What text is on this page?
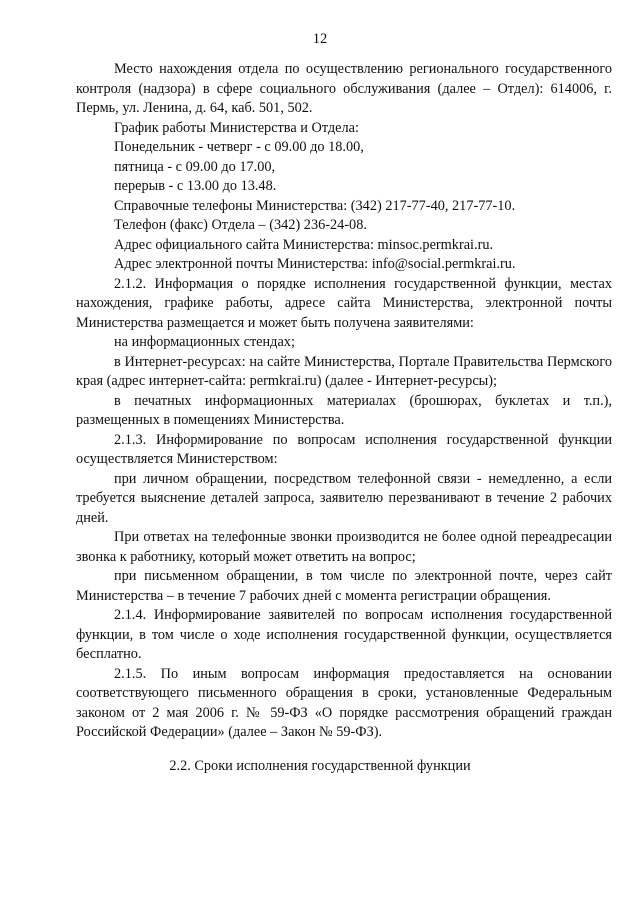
12

Место нахождения отдела по осуществлению регионального государственного контроля (надзора) в сфере социального обслуживания (далее – Отдел): 614006, г. Пермь, ул. Ленина, д. 64, каб. 501, 502.

График работы Министерства и Отдела:

Понедельник - четверг - с 09.00 до 18.00,

пятница - с 09.00 до 17.00,

перерыв - с 13.00 до 13.48.

Справочные телефоны Министерства: (342) 217-77-40, 217-77-10.

Телефон (факс) Отдела – (342) 236-24-08.

Адрес официального сайта Министерства: minsoc.permkrai.ru.

Адрес электронной почты Министерства: info@social.permkrai.ru.

2.1.2. Информация о порядке исполнения государственной функции, местах нахождения, графике работы, адресе сайта Министерства, электронной почты Министерства размещается и может быть получена заявителями:

на информационных стендах;

в Интернет-ресурсах: на сайте Министерства, Портале Правительства Пермского края (адрес интернет-сайта: permkrai.ru) (далее - Интернет-ресурсы);

в печатных информационных материалах (брошюрах, буклетах и т.п.), размещенных в помещениях Министерства.

2.1.3. Информирование по вопросам исполнения государственной функции осуществляется Министерством:

при личном обращении, посредством телефонной связи - немедленно, а если требуется выяснение деталей запроса, заявителю перезванивают в течение 2 рабочих дней.

При ответах на телефонные звонки производится не более одной переадресации звонка к работнику, который может ответить на вопрос;

при письменном обращении, в том числе по электронной почте, через сайт Министерства – в течение 7 рабочих дней с момента регистрации обращения.

2.1.4. Информирование заявителей по вопросам исполнения государственной функции, в том числе о ходе исполнения государственной функции, осуществляется бесплатно.

2.1.5. По иным вопросам информация предоставляется на основании соответствующего письменного обращения в сроки, установленные Федеральным законом от 2 мая 2006 г. № 59-ФЗ «О порядке рассмотрения обращений граждан Российской Федерации» (далее – Закон № 59-ФЗ).

2.2. Сроки исполнения государственной функции
